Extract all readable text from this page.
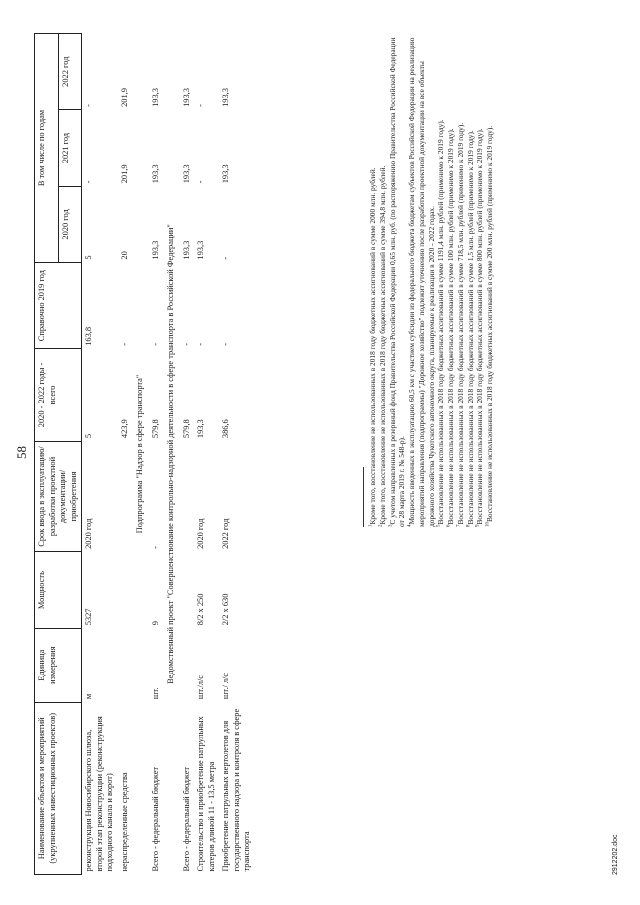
58
Наименование объектов и мероприятий (укрупненных инвестиционных проектов)	Единица измерения	Мощность	Срок ввода в эксплуатацию/ разработки проектной документации/ приобретения	2020 - 2022 годы - всего	Справочно 2019 год	В том числе по годам		
						2020 год	2021 год	2022 год
реконструкция Новосибирского шлюза, второй этап реконструкции (реконструкция подходного канала и ворот)	м	5327	2020 год	5	163,8	5	-	-
нераспределенные средства				423,9	-	20	201,9	201,9
Подпрограмма "Надзор в сфере транспорта"								
Всего - федеральный бюджет	шт.	9	-	579,8	-	193,3	193,3	193,3
Ведомственный проект "Совершенствование контрольно-надзорной деятельности в сфере транспорта в Российской Федерации"								
Всего - федеральный бюджет				579,8	-	193,3	193,3	193,3
Строительство и приобретение патрульных катеров длиной 11 - 13,5 метра	шт./л/с	8/2 x 250	2020 год	193,3	-	193,3	-	-
Приобретение патрульных вертолетов для государственного надзора и контроля в сфере транспорта	шт./ л/с	2/2 x 630	2022 год	386,6	-	-	193,3	193,3

$^1$Кроме того, восстановление не использованных в 2018 году бюджетных ассигнований в сумме 2000 млн. рублей.

$^2$Кроме того, восстановление не использованных в 2018 году бюджетных ассигнований в сумме 394,8 млн. рублей.

$^3$С учетом направленных в резервный фонд Правительства Российской Федерации 0,65 млн. руб. (по распоряжению Правительства Российской Федерации от 28 марта 2019 г. № 548-р). $^4$Мощность введенных в эксплуатацию 60,5 км с участием субсидии из федерального бюджета бюджетам субъектов Российской Федерации на реализацию мероприятий направления (подпрограммы) "Дорожное хозяйство" подлежит уточнению после разработки проектной документации на все объекты дорожного хозяйства Чукотского автономного округа, планируемые к реализации в 2020 - 2022 годах. $^5$Восстановление не использованных в 2018 году бюджетных ассигнований в сумме 1191,4 млн. рублей (применимо к 2019 году).

$^6$Восстановление не использованных в 2018 году бюджетных ассигнований в сумме 100 млн. рублей (применимо к 2019 году).

$^7$Восстановление не использованных в 2018 году бюджетных ассигнований в сумме 718,5 млн. рублей (применимо к 2019 году).

$^8$Восстановление не использованных в 2018 году бюджетных ассигнований в сумме 1,5 млн. рублей (применимо к 2019 году).

$^9$Восстановление не использованных в 2018 году бюджетных ассигнований в сумме 800 млн. рублей (применимо к 2019 году). $^{10}$Восстановление не использованных в 2018 году бюджетных ассигнований в сумме 200 млн. рублей (применимо к 2019 году).

2912202.doc
